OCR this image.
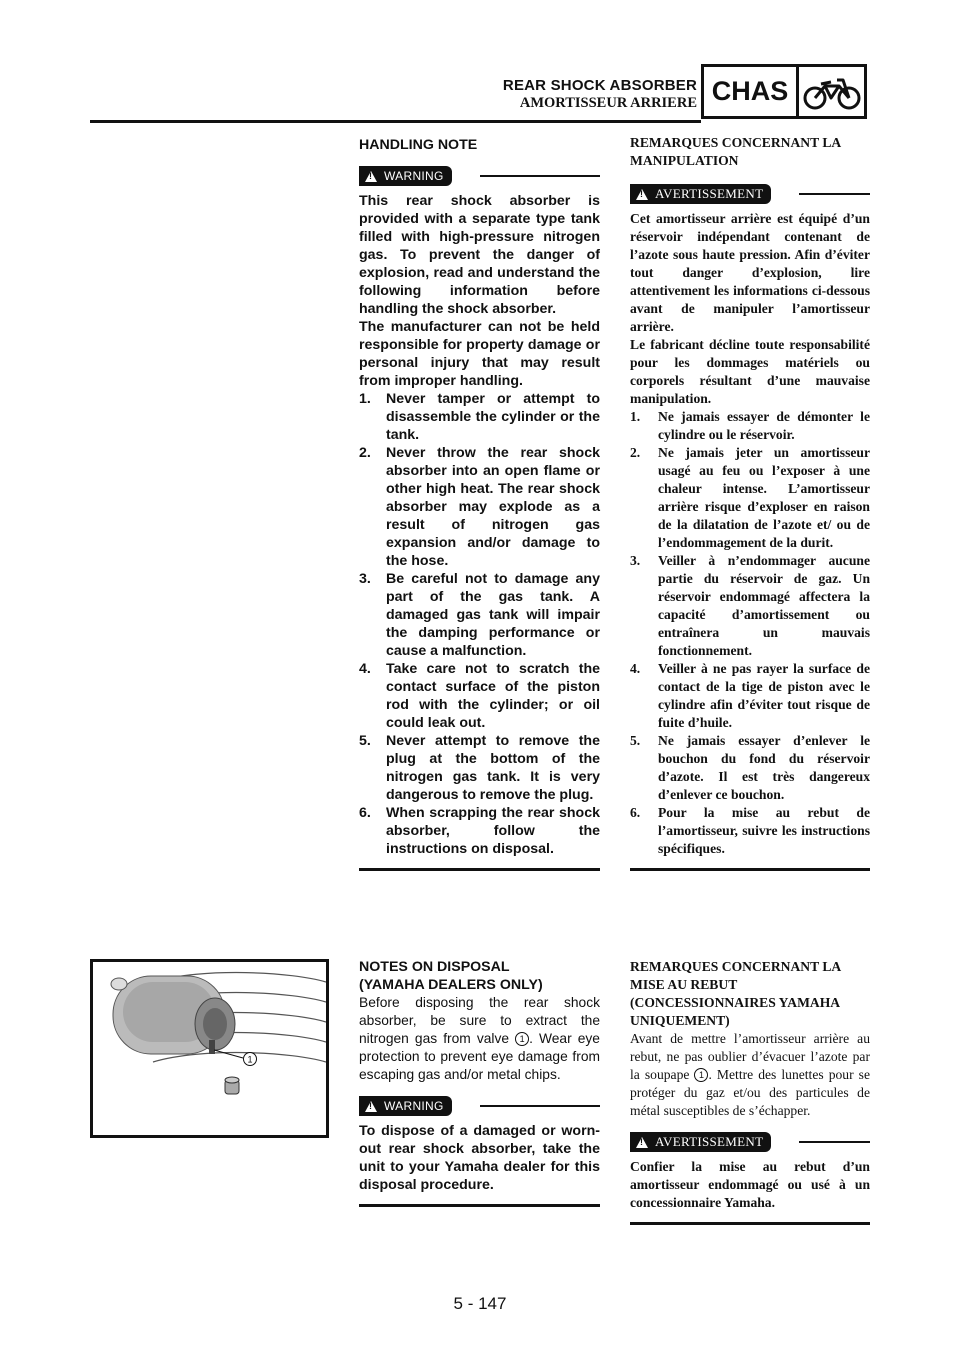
REAR SHOCK ABSORBER
AMORTISSEUR ARRIERE CHAS

HANDLING NOTE

!
WARNING

This rear shock absorber is provided with a separate type tank filled with high-pressure nitrogen gas. To prevent the danger of explosion, read and understand the following information before handling the shock absorber.

The manufacturer can not be held responsible for property damage or personal injury that may result from improper handling.

1.	Never tamper or attempt to disassemble the cylinder or the tank.
2.	Never throw the rear shock absorber into an open flame or other high heat. The rear shock absorber may explode as a result of nitrogen gas expansion and/or damage to the hose.
3.	Be careful not to damage any part of the gas tank. A damaged gas tank will impair the damping performance or cause a malfunction.
4.	Take care not to scratch the contact surface of the piston rod with the cylinder; or oil could leak out.
5.	Never attempt to remove the plug at the bottom of the nitrogen gas tank. It is very dangerous to remove the plug.
6.	When scrapping the rear shock absorber, follow the instructions on disposal.

REMARQUES CONCERNANT LA MANIPULATION

!
AVERTISSEMENT

Cet amortisseur arrière est équipé d’un réservoir indépendant contenant de l’azote sous haute pression. Afin d’éviter tout danger d’explosion, lire attentivement les informations ci-dessous avant de manipuler l’amortisseur arrière.

Le fabricant décline toute responsabilité pour les dommages matériels ou corporels résultant d’une mauvaise manipulation.

1.	Ne jamais essayer de démonter le cylindre ou le réservoir.
2.	Ne jamais jeter un amortisseur usagé au feu ou l’exposer à une chaleur intense. L’amortisseur arrière risque d’exploser en raison de la dilatation de l’azote et/ ou de l’endommagement de la durit.
3.	Veiller à n’endommager aucune partie du réservoir de gaz. Un réservoir endommagé affectera la capacité d’amortissement ou entraînera un mauvais fonctionnement.
4.	Veiller à ne pas rayer la surface de contact de la tige de piston avec le cylindre afin d’éviter tout risque de fuite d’huile.
5.	Ne jamais essayer d’enlever le bouchon du fond du réservoir d’azote. Il est très dangereux d’enlever ce bouchon.
6.	Pour la mise au rebut de l’amortisseur, suivre les instructions spécifiques.
1

NOTES ON DISPOSAL

(YAMAHA DEALERS ONLY)

Before disposing the rear shock absorber, be sure to extract the nitrogen gas from valve 1 . Wear eye protection to prevent eye damage from escaping gas and/or metal chips.

!
WARNING

To dispose of a damaged or worn-out rear shock absorber, take the unit to your Yamaha dealer for this disposal procedure.

REMARQUES CONCERNANT LA MISE AU REBUT (CONCESSIONNAIRES YAMAHA UNIQUEMENT)

Avant de mettre l’amortisseur arrière au rebut, ne pas oublier d’évacuer l’azote par la soupape 1 . Mettre des lunettes pour se protéger du gaz et/ou des particules de métal susceptibles de s’échapper.

!
AVERTISSEMENT

Confier la mise au rebut d’un amortisseur endommagé ou usé à un concessionnaire Yamaha.

5 - 147
